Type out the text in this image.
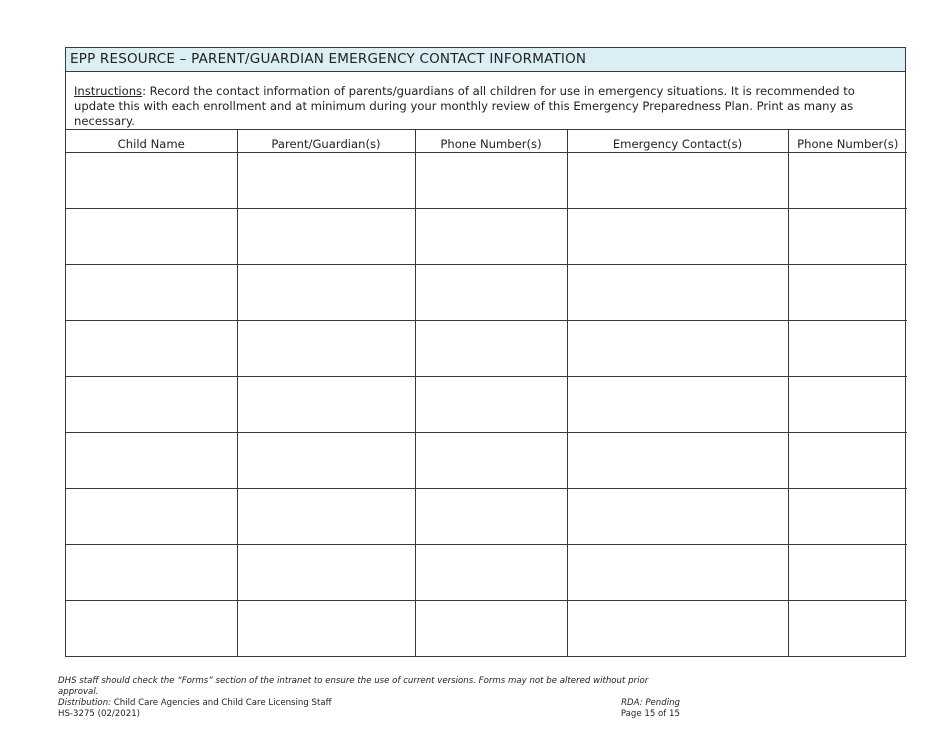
EPP RESOURCE – PARENT/GUARDIAN EMERGENCY CONTACT INFORMATION
Instructions: Record the contact information of parents/guardians of all children for use in emergency situations. It is recommended to update this with each enrollment and at minimum during your monthly review of this Emergency Preparedness Plan. Print as many as necessary.
Child Name	Parent/Guardian(s)	Phone Number(s)	Emergency Contact(s)	Phone Number(s)

DHS staff should check the “Forms” section of the intranet to ensure the use of current versions. Forms may not be altered without prior approval.
Distribution: Child Care Agencies and Child Care Licensing Staff	RDA: Pending
HS-3275 (02/2021)	Page 15 of 15
